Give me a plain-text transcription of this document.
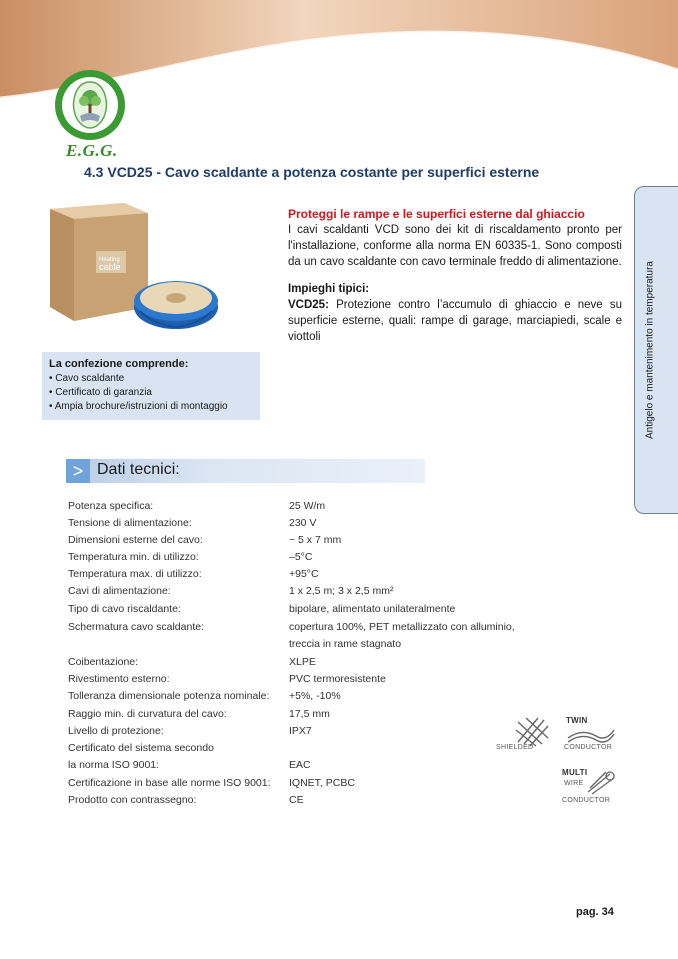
E.G.G.
4.3 VCD25 - Cavo scaldante a potenza costante per superfici esterne
Antigelo e mantenimento in temperatura
Heating
cable

Proteggi le rampe e le superfici esterne dal ghiaccio

I cavi scaldanti VCD sono dei kit di riscaldamento pronto per l'installazione, conforme alla norma EN 60335-1. Sono composti da un cavo scaldante con cavo terminale freddo di alimentazione.

Impieghi tipici:

VCD25: Protezione contro l’accumulo di ghiaccio e neve su superficie esterne, quali: rampe di garage, marciapiedi, scale e viottoli

La confezione comprende:
• Cavo scaldante
• Certificato di garanzia
• Ampia brochure/istruzioni di montaggio
> Dati tecnici:
Potenza specifica:	25 W/m
Tensione di alimentazione:	230 V
Dimensioni esterne del cavo:	~ 5 x 7 mm
Temperatura min. di utilizzo:	–5°C
Temperatura max. di utilizzo:	+95°C
Cavi di alimentazione:	1 x 2,5 m; 3 x 2,5 mm²
Tipo di cavo riscaldante:	bipolare, alimentato unilateralmente
Schermatura cavo scaldante:	copertura 100%, PET metallizzato con alluminio,
treccia in rame stagnato
Coibentazione:	XLPE
Rivestimento esterno:	PVC termoresistente
Tolleranza dimensionale potenza nominale: +5%, -10%
Raggio min. di curvatura del cavo:	17,5 mm
Livello di protezione:	IPX7
Certificato del sistema secondo
la norma ISO 9001:	EAC
Certificazione in base alle norme ISO 9001: IQNET, PCBC
Prodotto con contrassegno:	CE
SHIELDED
TWIN
CONDUCTOR
MULTI
WIRE
CONDUCTOR
pag. 34
